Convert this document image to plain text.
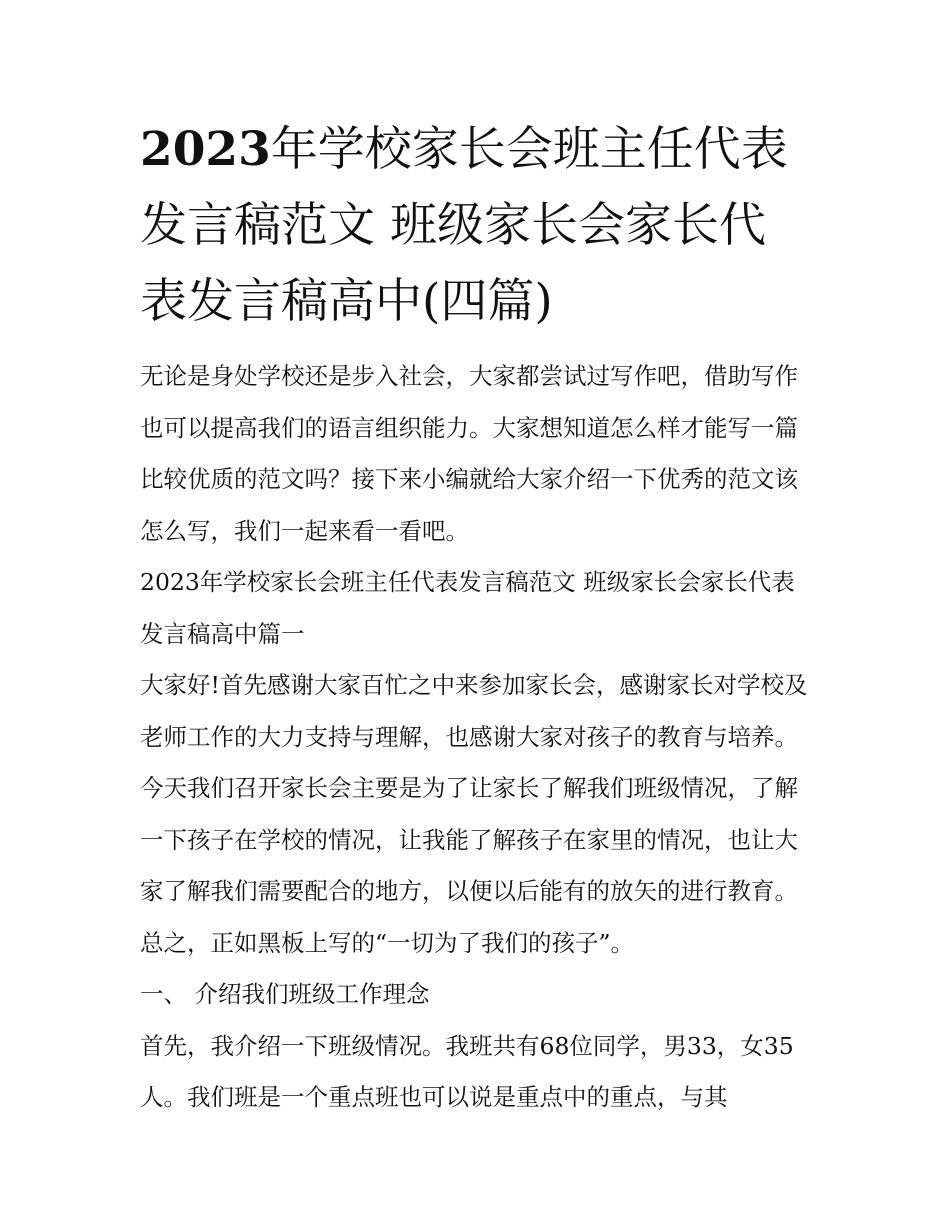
2023年学校家长会班主任代表发言稿范文 班级家长会家长代表发言稿高中(四篇)

无论是身处学校还是步入社会，大家都尝试过写作吧，借助写作也可以提高我们的语言组织能力。大家想知道怎么样才能写一篇比较优质的范文吗？接下来小编就给大家介绍一下优秀的范文该怎么写，我们一起来看一看吧。

2023年学校家长会班主任代表发言稿范文 班级家长会家长代表发言稿高中篇一

大家好!首先感谢大家百忙之中来参加家长会，感谢家长对学校及老师工作的大力支持与理解，也感谢大家对孩子的教育与培养。今天我们召开家长会主要是为了让家长了解我们班级情况，了解一下孩子在学校的情况，让我能了解孩子在家里的情况，也让大家了解我们需要配合的地方，以便以后能有的放矢的进行教育。总之，正如黑板上写的“一切为了我们的孩子”。

一、 介绍我们班级工作理念

首先，我介绍一下班级情况。我班共有68位同学，男33，女35人。我们班是一个重点班也可以说是重点中的重点，与其
